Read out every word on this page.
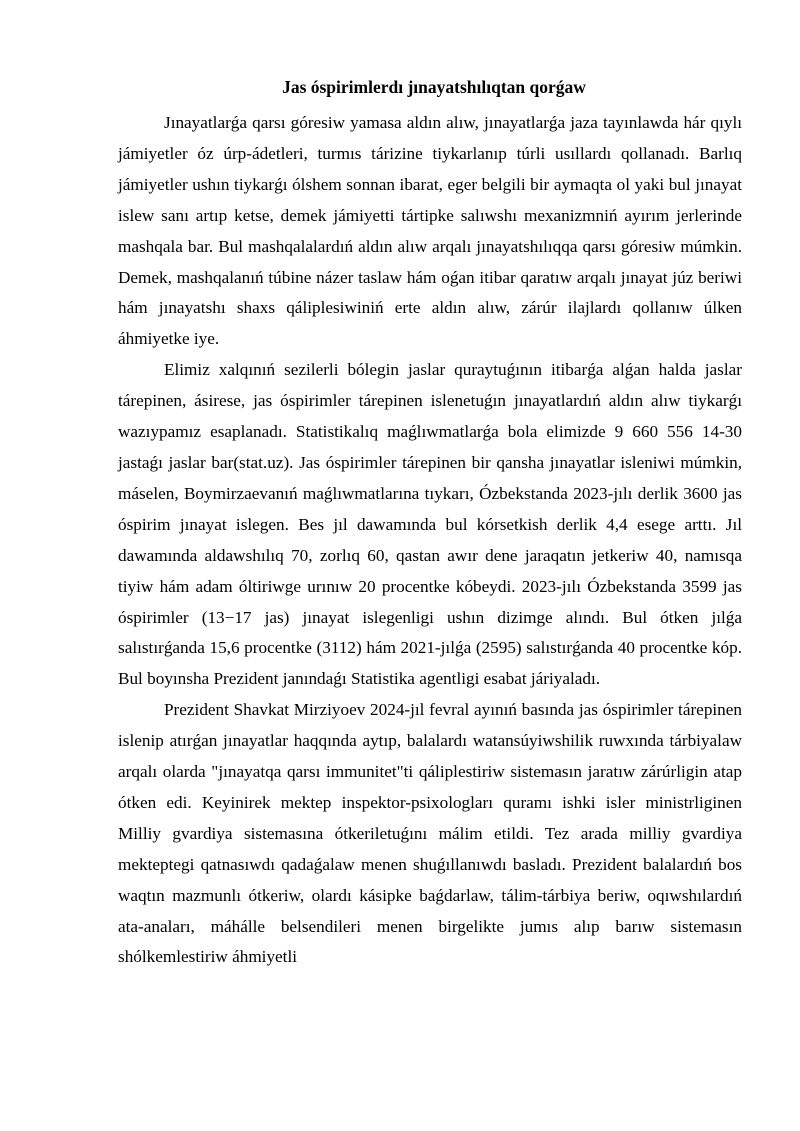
Jas óspirimlerdı jınayatshılıqtan qorǵaw

Jınayatlarǵa qarsı góresiw yamasa aldın alıw, jınayatlarǵa jaza tayınlawda hár qıylı jámiyetler óz úrp-ádetleri, turmıs tárizine tiykarlanıp túrli usıllardı qollanadı. Barlıq jámiyetler ushın tiykarǵı ólshem sonnan ibarat, eger belgili bir aymaqta ol yaki bul jınayat islew sanı artıp ketse, demek jámiyetti tártipke salıwshı mexanizmniń ayırım jerlerinde mashqala bar. Bul mashqalalardıń aldın alıw arqalı jınayatshılıqqa qarsı góresiw múmkin. Demek, mashqalanıń túbine názer taslaw hám oǵan itibar qaratıw arqalı jınayat júz beriwi hám jınayatshı shaxs qáliplesiwiniń erte aldın alıw, zárúr ilajlardı qollanıw úlken áhmiyetke iye.

Elimiz xalqınıń sezilerli bólegin jaslar quraytuǵının itibarǵa alǵan halda jaslar tárepinen, ásirese, jas óspirimler tárepinen islenetuǵın jınayatlardıń aldın alıw tiykarǵı wazıypamız esaplanadı. Statistikalıq maǵlıwmatlarǵa bola elimizde 9 660 556 14-30 jastaǵı jaslar bar(stat.uz). Jas óspirimler tárepinen bir qansha jınayatlar isleniwi múmkin, máselen, Boymirzaevanıń maǵlıwmatlarına tıykarı, Ózbekstanda 2023-jılı derlik 3600 jas óspirim jınayat islegen. Bes jıl dawamında bul kórsetkish derlik 4,4 esege arttı. Jıl dawamında aldawshılıq 70, zorlıq 60, qastan awır dene jaraqatın jetkeriw 40, namısqa tiyiw hám adam óltiriwge urınıw 20 procentke kóbeydi. 2023-jılı Ózbekstanda 3599 jas óspirimler (13−17 jas) jınayat islegenligi ushın dizimge alındı. Bul ótken jılǵa salıstırǵanda 15,6 procentke (3112) hám 2021-jılǵa (2595) salıstırǵanda 40 procentke kóp. Bul boyınsha Prezident janındaǵı Statistika agentligi esabat járiyaladı.

Prezident Shavkat Mirziyoev 2024-jıl fevral ayınıń basında jas óspirimler tárepinen islenip atırǵan jınayatlar haqqında aytıp, balalardı watansúyiwshilik ruwxında tárbiyalaw arqalı olarda "jınayatqa qarsı immunitet"ti qáliplestiriw sistemasın jaratıw zárúrligin atap ótken edi. Keyinirek mektep inspektor-psixologları quramı ishki isler ministrliginen Milliy gvardiya sistemasına ótkeriletuǵını málim etildi. Tez arada milliy gvardiya mekteptegi qatnasıwdı qadaǵalaw menen shuǵıllanıwdı basladı. Prezident balalardıń bos waqtın mazmunlı ótkeriw, olardı kásipke baǵdarlaw, tálim-tárbiya beriw, oqıwshılardıń ata-anaları, máhálle belsendileri menen birgelikte jumıs alıp barıw sistemasın shólkemlestiriw áhmiyetli
